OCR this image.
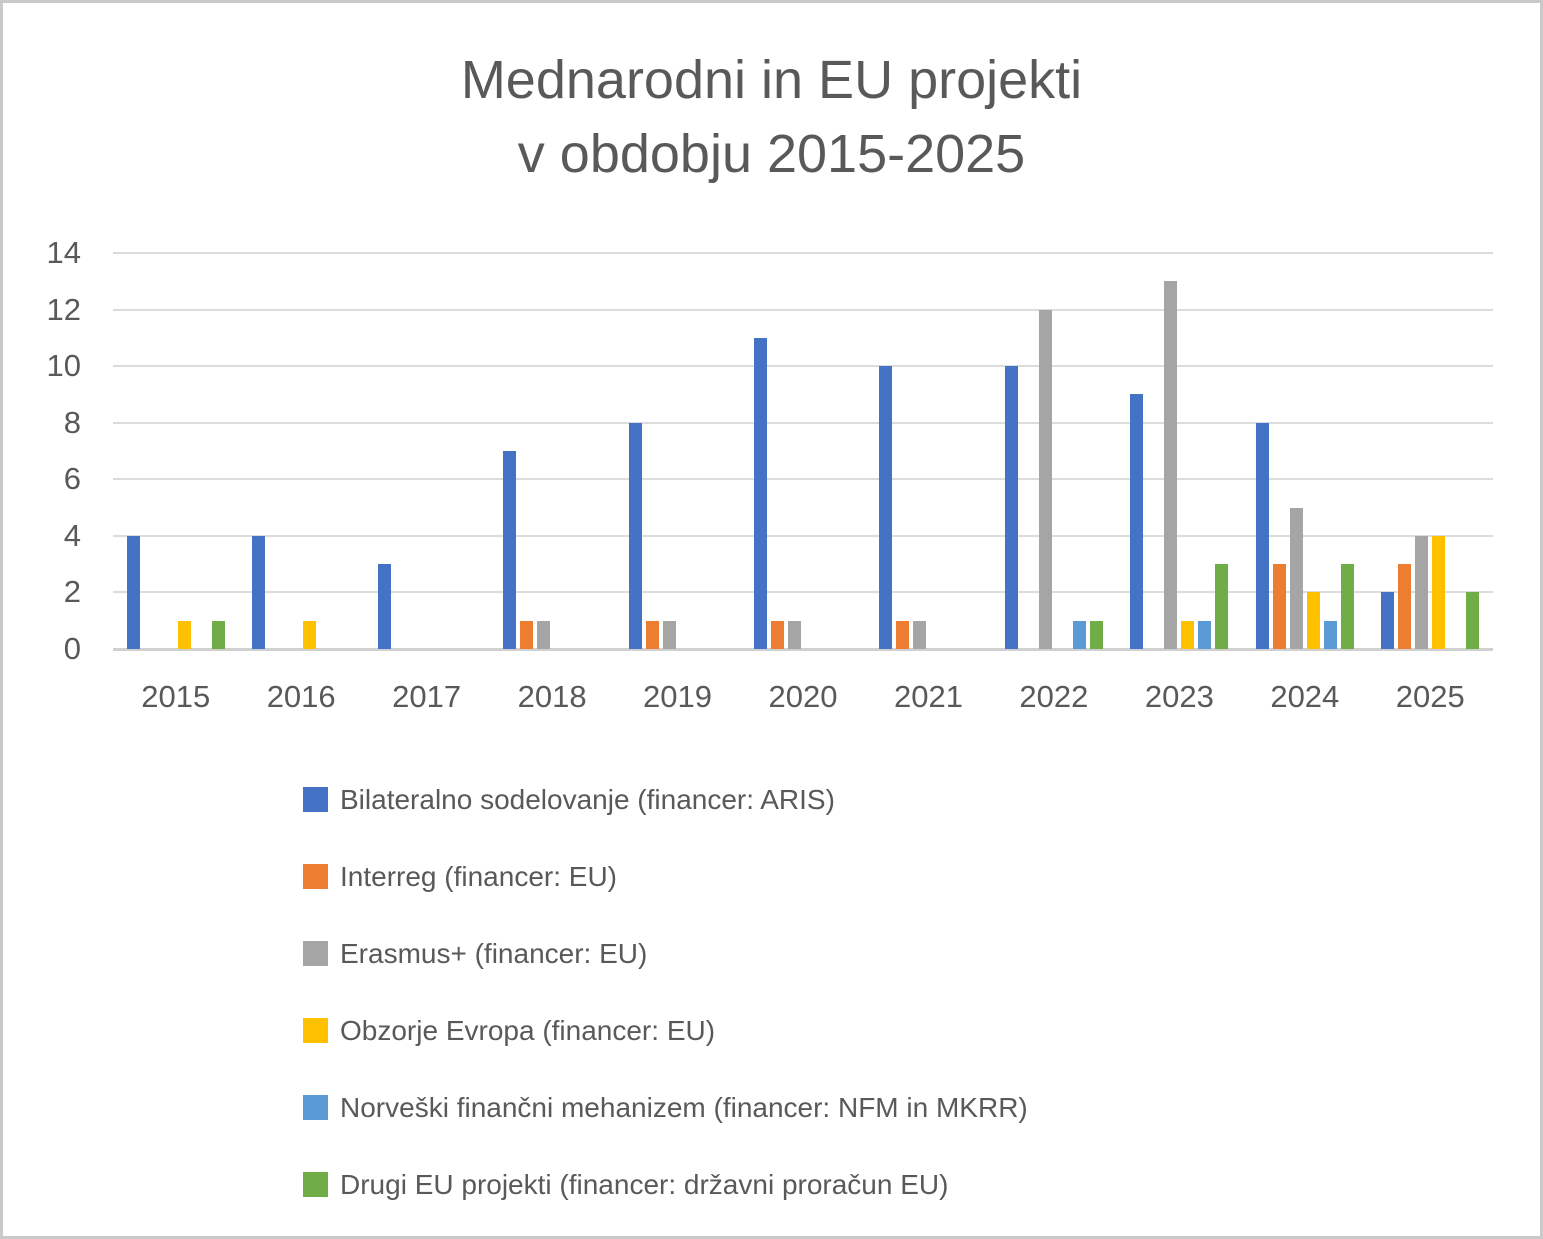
Mednarodni in EU projekti
v obdobju 2015-2025
0
2
4
6
8
10
12
14
2015	2016	2017	2018	2019	2020	2021	2022	2023	2024	2025
Bilateralno sodelovanje (financer: ARIS)
Interreg (financer: EU)
Erasmus+ (financer: EU)
Obzorje Evropa (financer: EU)
Norveški finančni mehanizem (financer: NFM in MKRR)
Drugi EU projekti (financer: državni proračun EU)
